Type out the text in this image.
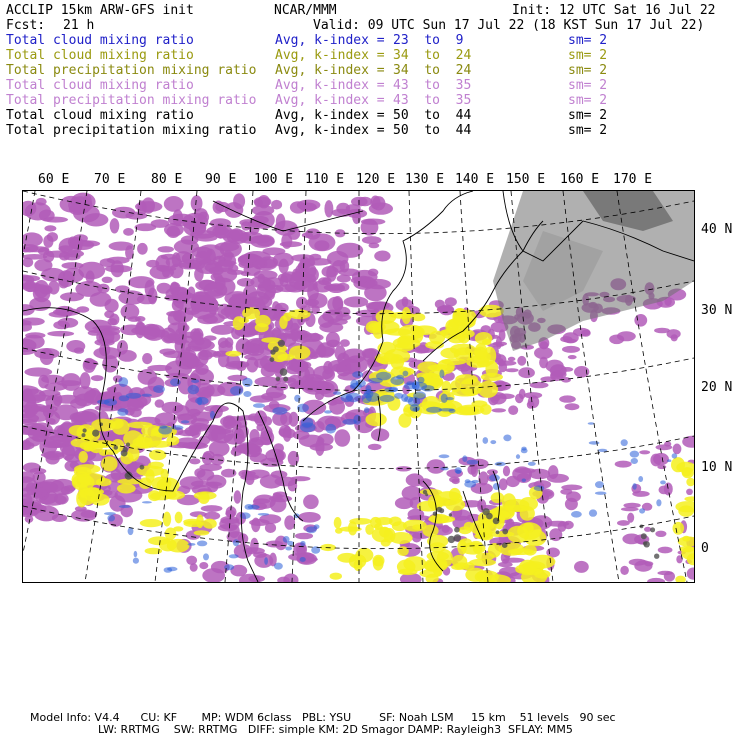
ACCLIP 15km ARW-GFS init	NCAR/MMM	Init: 12 UTC Sat 16 Jul 22
Fcst: 21 h	Valid: 09 UTC Sun 17 Jul 22 (18 KST Sun 17 Jul 22)
Total cloud mixing ratio	Avg, k-index = 23 to 9	sm= 2
Total cloud mixing ratio	Avg, k-index = 34 to 24	sm= 2
Total precipitation mixing ratio Avg, k-index = 34 to 24	sm= 2
Total cloud mixing ratio	Avg, k-index = 43 to 35	sm= 2
Total precipitation mixing ratio Avg, k-index = 43 to 35	sm= 2
Total cloud mixing ratio	Avg, k-index = 50 to 44	sm= 2
Total precipitation mixing ratio Avg, k-index = 50 to 44	sm= 2
60 E 70 E 80 E 90 E 100 E 110 E 120 E 130 E 140 E 150 E 160 E 170 E
40 N
30 N
20 N
10 N
0
Model Info: V4.4      CU: KF       MP: WDM 6class   PBL: YSU        SF: Noah LSM     15 km    51 levels   90 sec
LW: RRTMG    SW: RRTMG   DIFF: simple KM: 2D Smagor DAMP: Rayleigh3  SFLAY: MM5
